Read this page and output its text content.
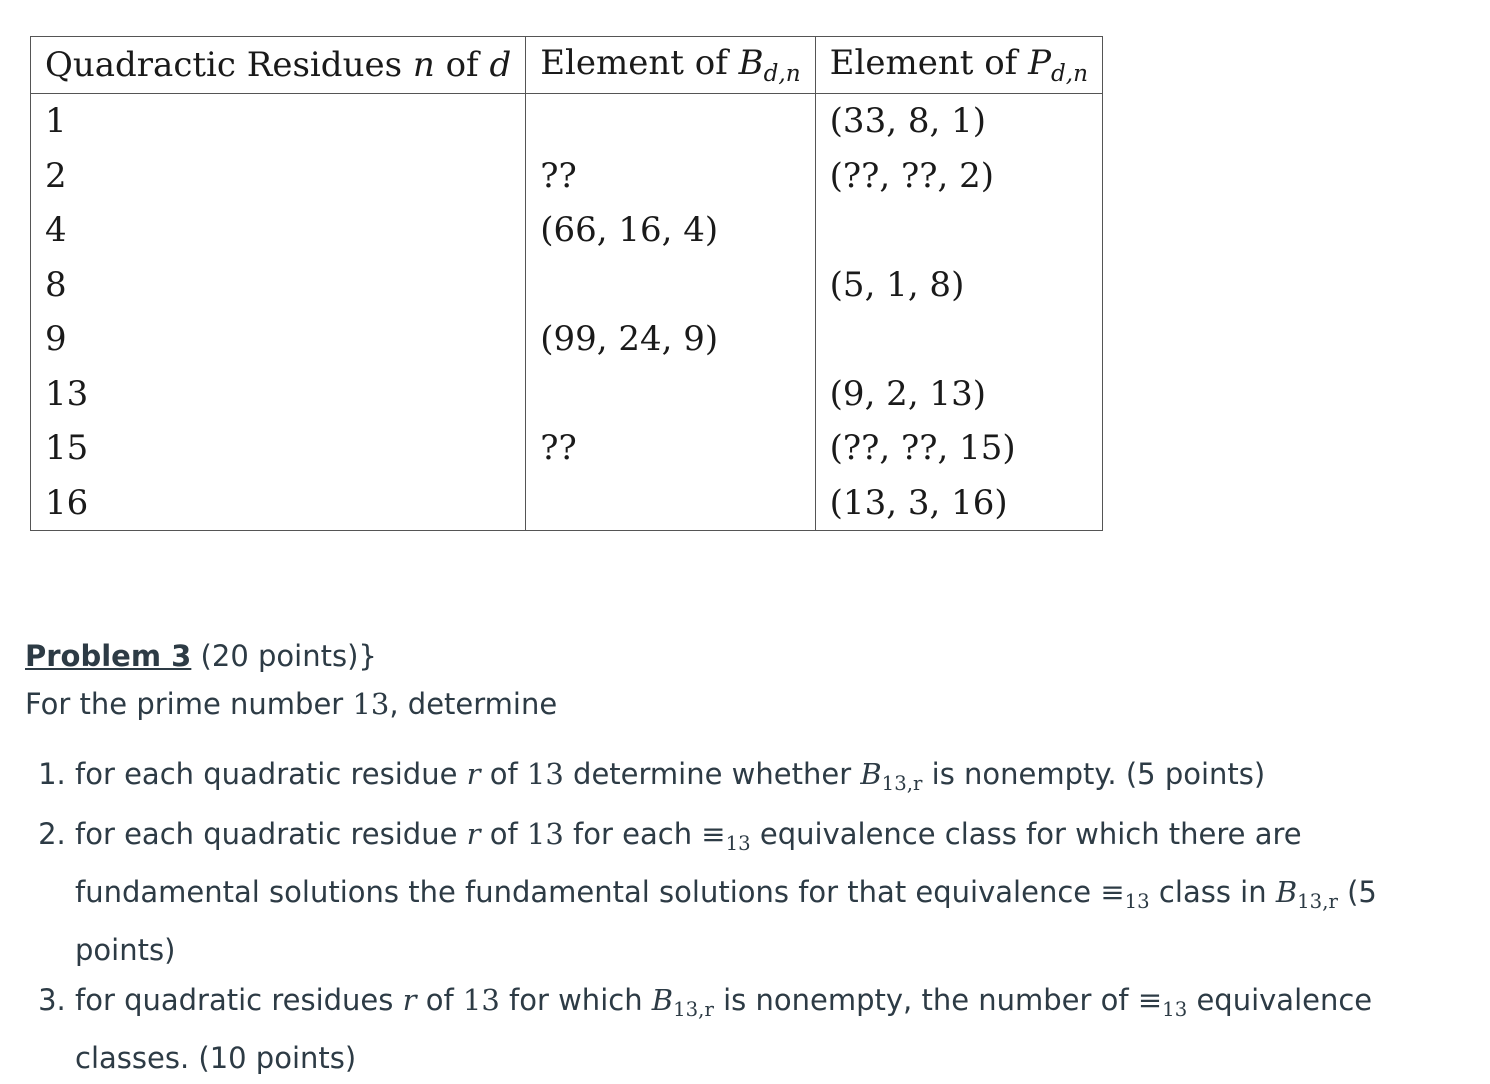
Quadractic Residues n of d	Element of $B_{d,n}$	Element of $P_{d,n}$
1		(33, 8, 1)
2	??	(??, ??, 2)
4	(66, 16, 4)	
8		(5, 1, 8)
9	(99, 24, 9)	
13		(9, 2, 13)
15	??	(??, ??, 15)
16		(13, 3, 16)

Problem 3 (20 points)}

For the prime number 13, determine

1. for each quadratic residue r of 13 determine whether $B_{13,r}$ is nonempty. (5 points)
2. for each quadratic residue r of 13 for each $\equiv_{13}$ equivalence class for which there are fundamental solutions the fundamental solutions for that equivalence $\equiv_{13}$ class in $B_{13,r}$ (5 points)
3. for quadratic residues r of 13 for which $B_{13,r}$ is nonempty, the number of $\equiv_{13}$ equivalence classes. (10 points)
